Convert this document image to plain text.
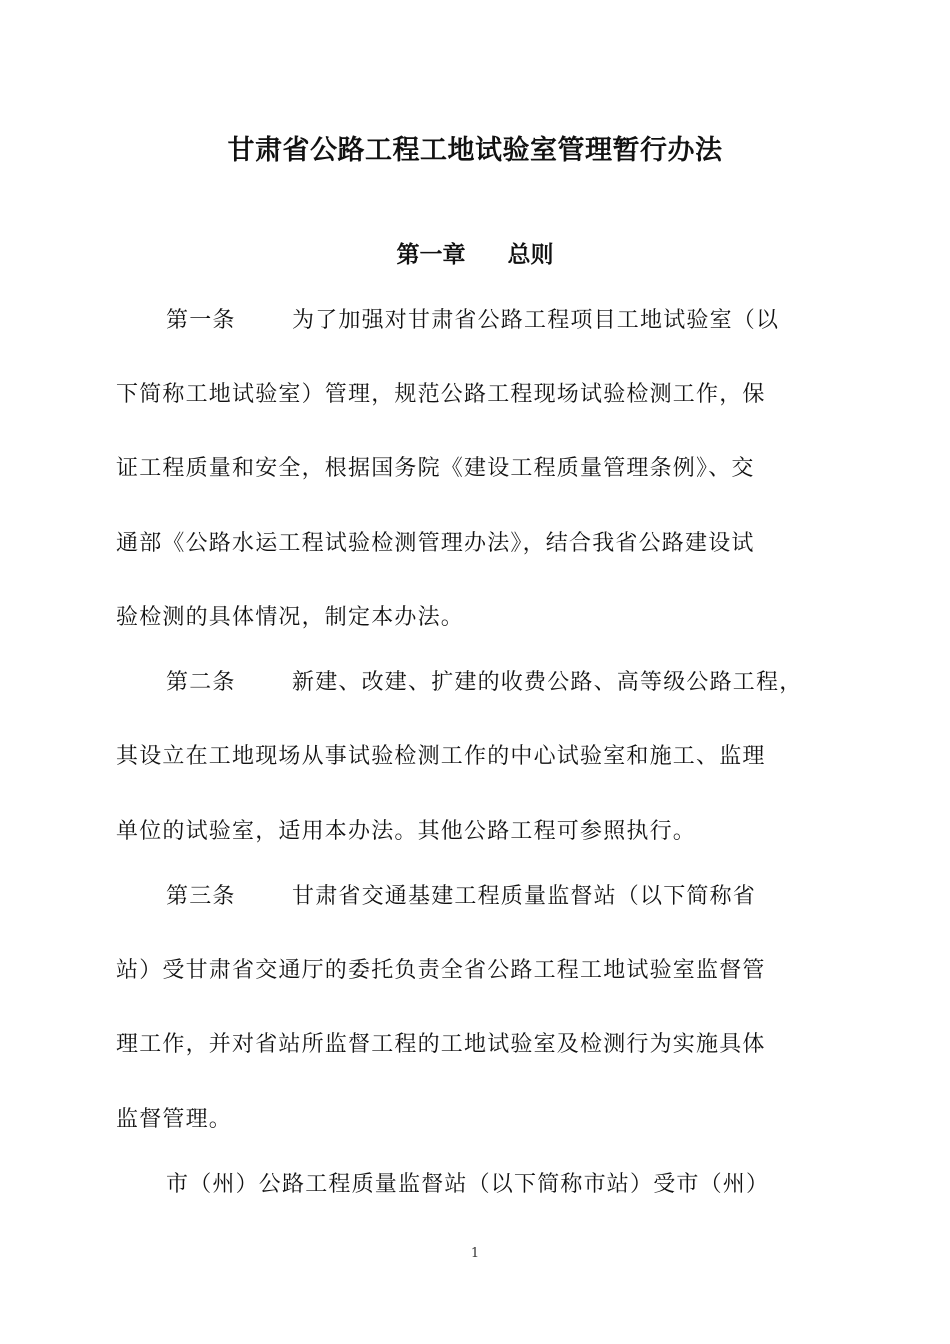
甘肃省公路工程工地试验室管理暂行办法
第一章 总则
第一条	为了加强对甘肃省公路工程项目工地试验室（以
下简称工地试验室）管理，规范公路工程现场试验检测工作，保
证工程质量和安全，根据国务院《建设工程质量管理条例》、交
通部《公路水运工程试验检测管理办法》，结合我省公路建设试
验检测的具体情况，制定本办法。
第二条	新建、改建、扩建的收费公路、高等级公路工程，
其设立在工地现场从事试验检测工作的中心试验室和施工、监理
单位的试验室，适用本办法。其他公路工程可参照执行。
第三条	甘肃省交通基建工程质量监督站（以下简称省
站）受甘肃省交通厅的委托负责全省公路工程工地试验室监督管
理工作，并对省站所监督工程的工地试验室及检测行为实施具体
监督管理。
市（州）公路工程质量监督站（以下简称市站）受市（州）
1
